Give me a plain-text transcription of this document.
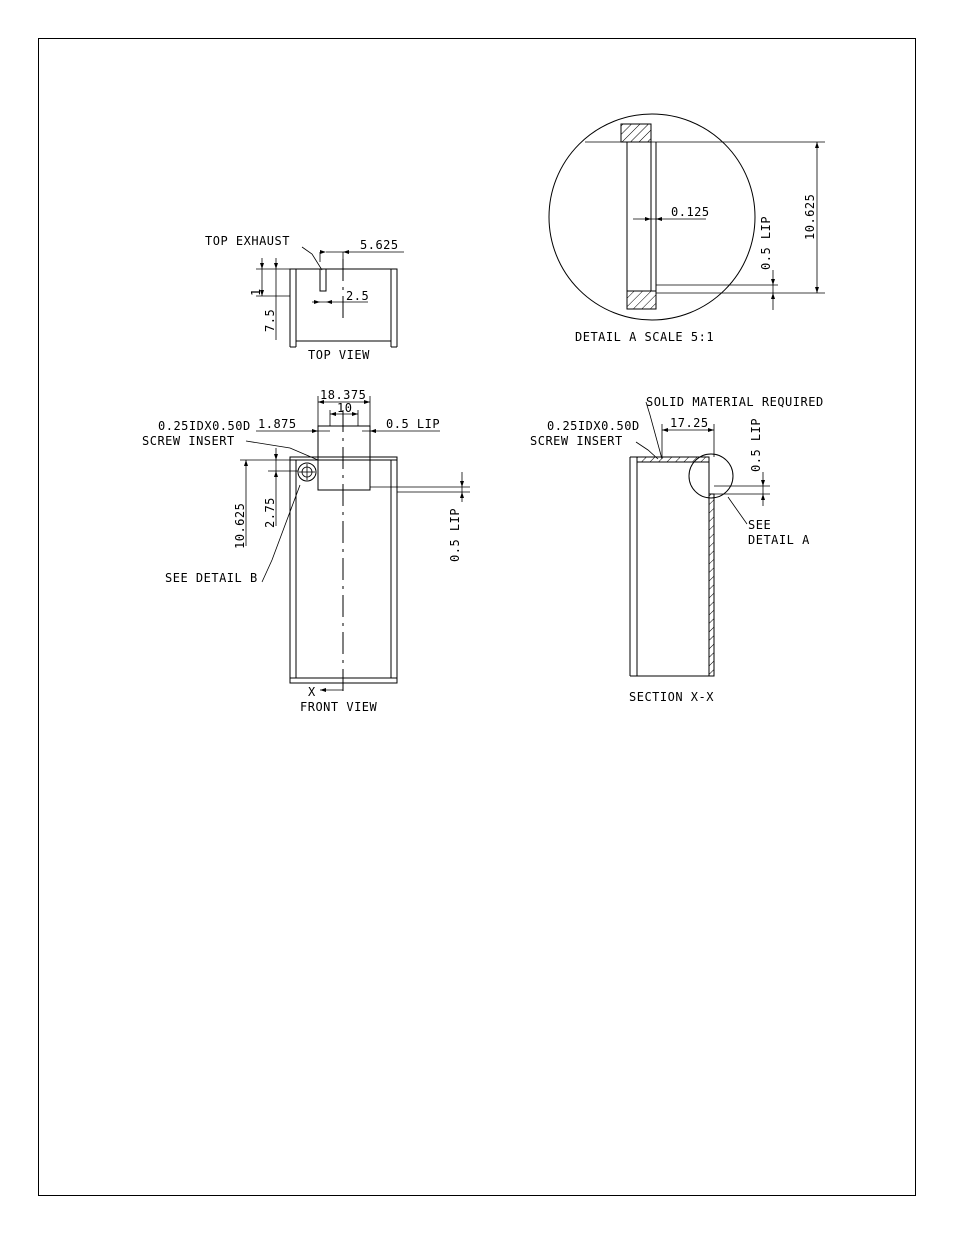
TOP EXHAUST	5.625
2.5
7.5
1
TOP VIEW
0.125	10.625
0.5 LIP
DETAIL A SCALE 5:1
18.375
10
1.875	0.5 LIP
0.25IDX0.50D
SCREW INSERT
10.625 2.75	0.5 LIP
SEE DETAIL B
X
FRONT VIEW
SOLID MATERIAL REQUIRED
0.25IDX0.50D
SCREW INSERT
17.25	0.5 LIP
SEE
DETAIL A
SECTION X-X
